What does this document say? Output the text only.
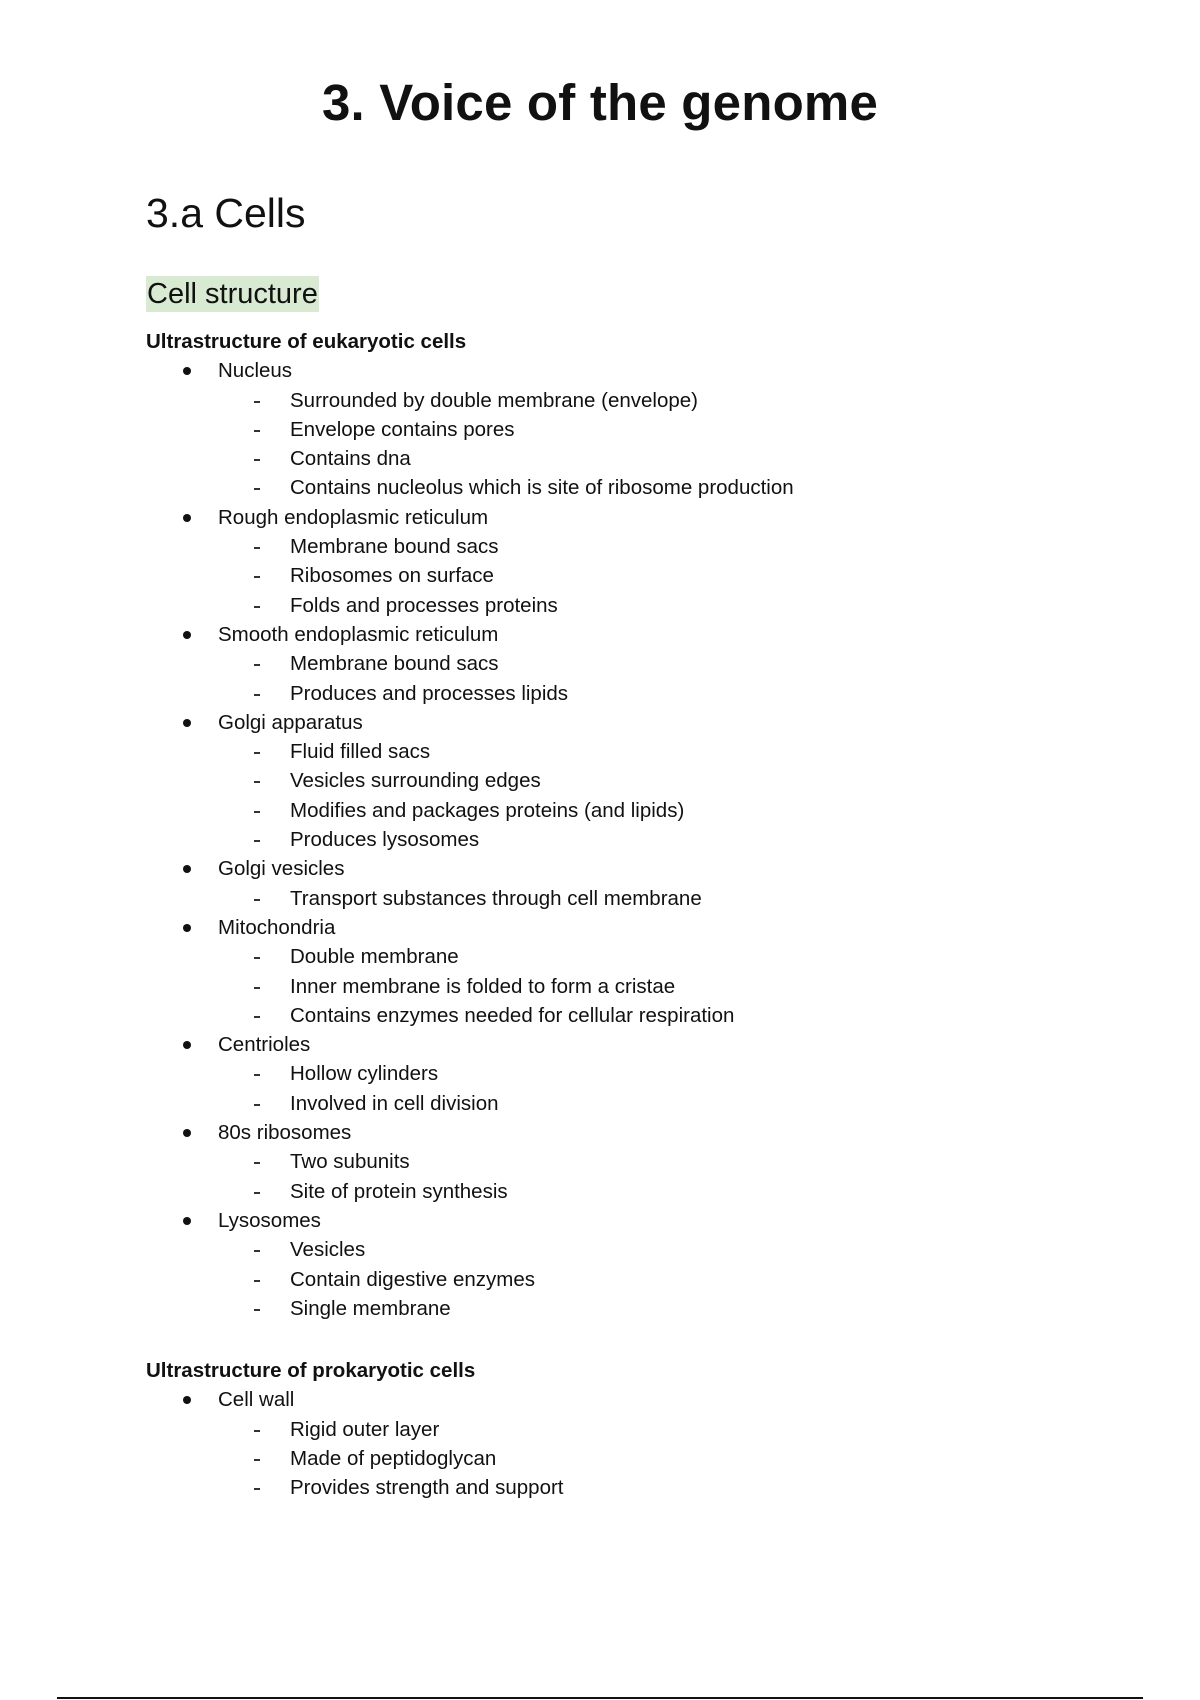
3. Voice of the genome
3.a Cells
Cell structure
Ultrastructure of eukaryotic cells
Nucleus
Surrounded by double membrane (envelope)
Envelope contains pores
Contains dna
Contains nucleolus which is site of ribosome production
Rough endoplasmic reticulum
Membrane bound sacs
Ribosomes on surface
Folds and processes proteins
Smooth endoplasmic reticulum
Membrane bound sacs
Produces and processes lipids
Golgi apparatus
Fluid filled sacs
Vesicles surrounding edges
Modifies and packages proteins (and lipids)
Produces lysosomes
Golgi vesicles
Transport substances through cell membrane
Mitochondria
Double membrane
Inner membrane is folded to form a cristae
Contains enzymes needed for cellular respiration
Centrioles
Hollow cylinders
Involved in cell division
80s ribosomes
Two subunits
Site of protein synthesis
Lysosomes
Vesicles
Contain digestive enzymes
Single membrane
Ultrastructure of prokaryotic cells
Cell wall
Rigid outer layer
Made of peptidoglycan
Provides strength and support
